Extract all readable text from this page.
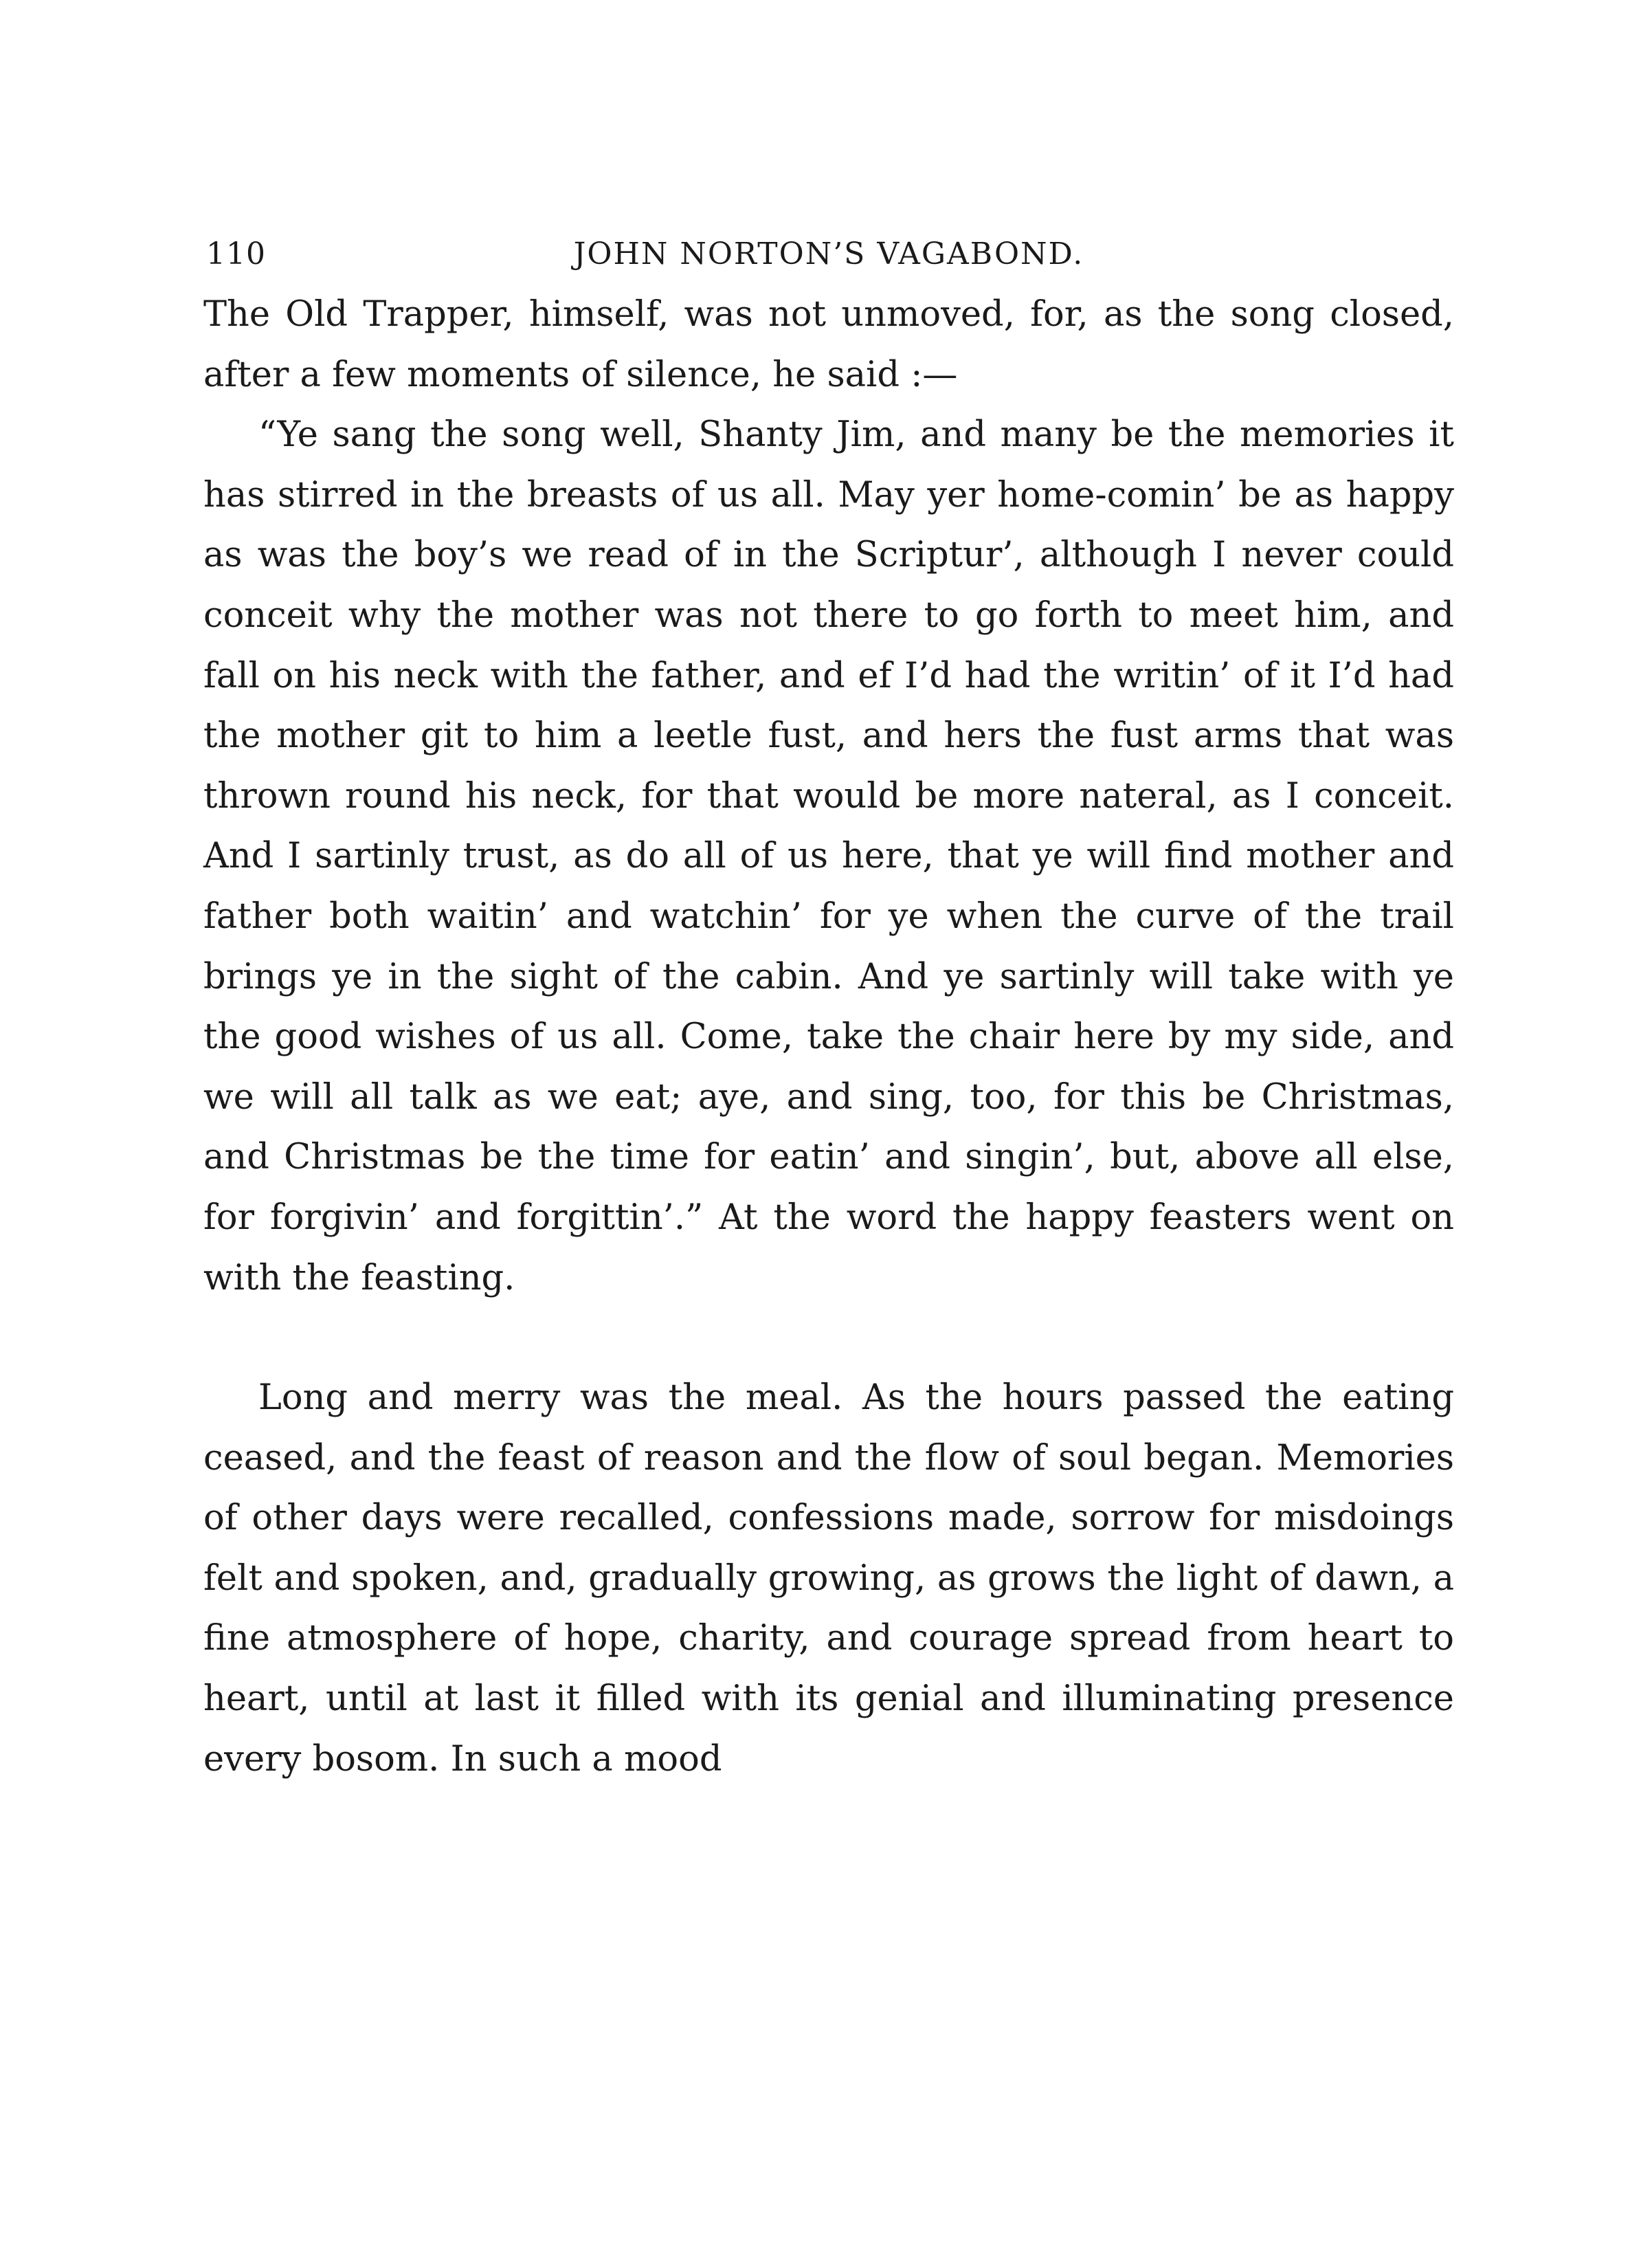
110	JOHN NORTON’S VAGABOND.

The Old Trapper, himself, was not unmoved, for, as the song closed, after a few moments of silence, he said :—

“Ye sang the song well, Shanty Jim, and many be the memories it has stirred in the breasts of us all. May yer home-comin’ be as happy as was the boy’s we read of in the Scriptur’, although I never could conceit why the mother was not there to go forth to meet him, and fall on his neck with the father, and ef I’d had the writin’ of it I’d had the mother git to him a leetle fust, and hers the fust arms that was thrown round his neck, for that would be more nateral, as I conceit. And I sartinly trust, as do all of us here, that ye will find mother and father both waitin’ and watchin’ for ye when the curve of the trail brings ye in the sight of the cabin. And ye sartinly will take with ye the good wishes of us all. Come, take the chair here by my side, and we will all talk as we eat; aye, and sing, too, for this be Christmas, and Christmas be the time for eatin’ and singin’, but, above all else, for forgivin’ and forgittin’.” At the word the happy feasters went on with the feasting.

Long and merry was the meal. As the hours passed the eating ceased, and the feast of reason and the flow of soul began. Memories of other days were recalled, confessions made, sorrow for misdoings felt and spoken, and, gradually growing, as grows the light of dawn, a fine atmosphere of hope, charity, and courage spread from heart to heart, until at last it filled with its genial and illuminating presence every bosom. In such a mood
